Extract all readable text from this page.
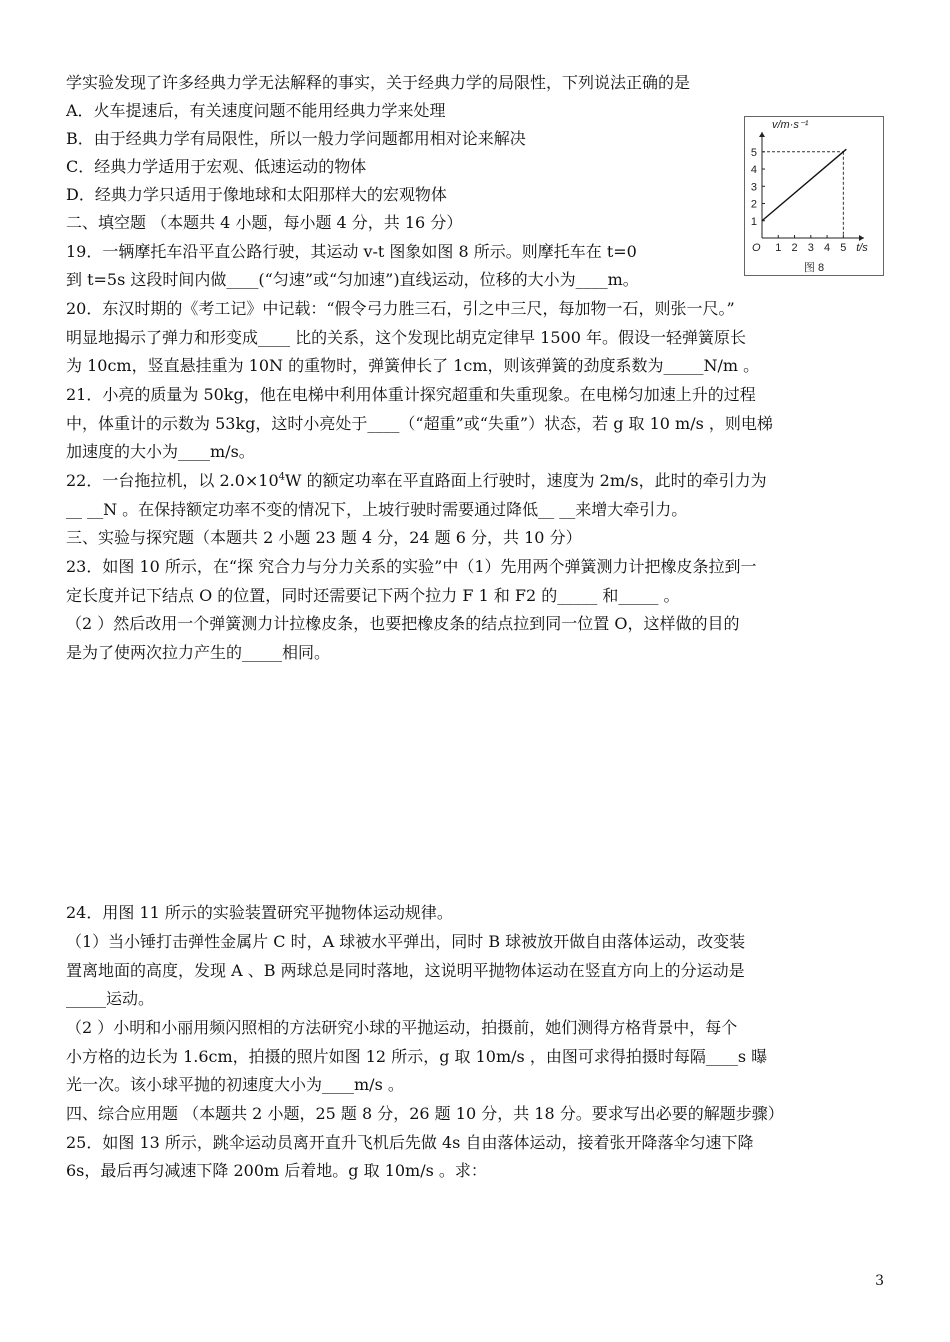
学实验发现了许多经典力学无法解释的事实，关于经典力学的局限性，下列说法正确的是
A．火车提速后，有关速度问题不能用经典力学来处理
B．由于经典力学有局限性，所以一般力学问题都用相对论来解决
C．经典力学适用于宏观、低速运动的物体
D．经典力学只适用于像地球和太阳那样大的宏观物体
二、填空题 （本题共 4 小题，每小题 4 分，共 16 分）
19．一辆摩托车沿平直公路行驶，其运动 v-t 图象如图 8 所示。则摩托车在 t=0
到 t=5s 这段时间内做____(“匀速”或“匀加速”)直线运动，位移的大小为____m。
20．东汉时期的《考工记》中记载：“假令弓力胜三石，引之中三尺，每加物一石，则张一尺。”
明显地揭示了弹力和形变成____ 比的关系，这个发现比胡克定律早 1500 年。假设一轻弹簧原长
为 10cm，竖直悬挂重为 10N 的重物时，弹簧伸长了 1cm，则该弹簧的劲度系数为_____N/m 。
21．小亮的质量为 50kg，他在电梯中利用体重计探究超重和失重现象。在电梯匀加速上升的过程
中，体重计的示数为 53kg，这时小亮处于____（“超重”或“失重”）状态，若 g 取 10 m/s ，则电梯
加速度的大小为____m/s。
22．一台拖拉机，以 $2.0\times 10^4W$ 的额定功率在平直路面上行驶时，速度为 2m/s，此时的牵引力为
__ __N 。在保持额定功率不变的情况下，上坡行驶时需要通过降低__ __来增大牵引力。
三、实验与探究题（本题共 2 小题 23 题 4 分，24 题 6 分，共 10 分）
23．如图 10 所示，在“探 究合力与分力关系的实验”中（1）先用两个弹簧测力计把橡皮条拉到一
定长度并记下结点 O 的位置，同时还需要记下两个拉力 F 1 和 F2 的_____ 和_____ 。
（2 ）然后改用一个弹簧测力计拉橡皮条，也要把橡皮条的结点拉到同一位置 O，这样做的目的
是为了使两次拉力产生的_____相同。
24．用图 11 所示的实验装置研究平抛物体运动规律。
（1）当小锤打击弹性金属片 C 时，A 球被水平弹出，同时 B 球被放开做自由落体运动，改变装
置离地面的高度，发现 A 、B 两球总是同时落地，这说明平抛物体运动在竖直方向上的分运动是
_____运动。
（2 ）小明和小丽用频闪照相的方法研究小球的平抛运动，拍摄前，她们测得方格背景中，每个
小方格的边长为 1.6cm，拍摄的照片如图 12 所示，g 取 10m/s ，由图可求得拍摄时每隔____s 曝
光一次。该小球平抛的初速度大小为____m/s 。
四、综合应用题 （本题共 2 小题，25 题 8 分，26 题 10 分，共 18 分。要求写出必要的解题步骤）
25．如图 13 所示，跳伞运动员离开直升飞机后先做 4s 自由落体运动，接着张开降落伞匀速下降
6s，最后再匀减速下降 200m 后着地。g 取 10m/s 。求：
3
1
2
3
4
5
1 2 3 4 5
v/m·s⁻¹
t/s
O
图 8
